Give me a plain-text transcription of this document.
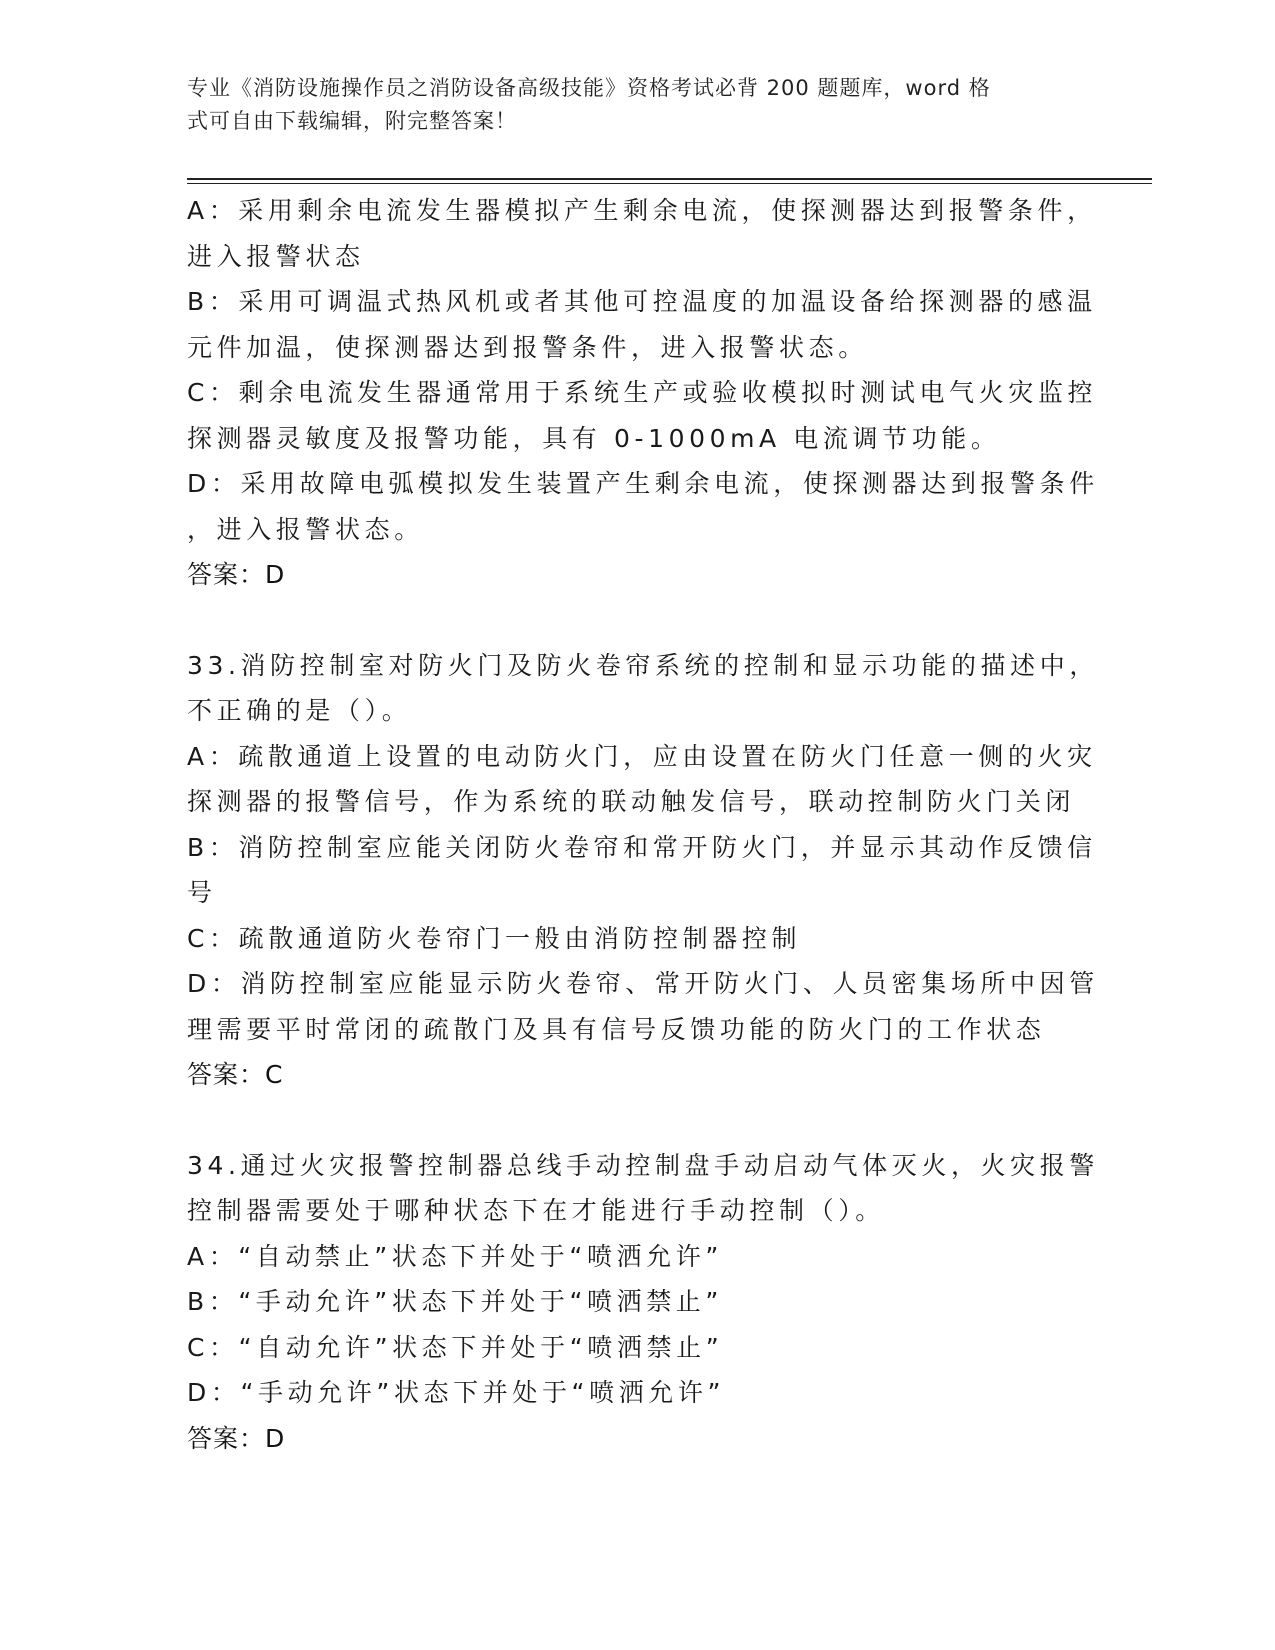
专业《消防设施操作员之消防设备高级技能》资格考试必背 200 题题库，word 格
式可自由下载编辑，附完整答案！
A：采用剩余电流发生器模拟产生剩余电流，使探测器达到报警条件，
进入报警状态
B：采用可调温式热风机或者其他可控温度的加温设备给探测器的感温
元件加温，使探测器达到报警条件，进入报警状态。
C：剩余电流发生器通常用于系统生产或验收模拟时测试电气火灾监控
探测器灵敏度及报警功能，具有 0-1000mA 电流调节功能。
D：采用故障电弧模拟发生装置产生剩余电流，使探测器达到报警条件
，进入报警状态。
答案：D
33.消防控制室对防火门及防火卷帘系统的控制和显示功能的描述中，
不正确的是（）。
A：疏散通道上设置的电动防火门，应由设置在防火门任意一侧的火灾
探测器的报警信号，作为系统的联动触发信号，联动控制防火门关闭
B：消防控制室应能关闭防火卷帘和常开防火门，并显示其动作反馈信
号
C：疏散通道防火卷帘门一般由消防控制器控制
D：消防控制室应能显示防火卷帘、常开防火门、人员密集场所中因管
理需要平时常闭的疏散门及具有信号反馈功能的防火门的工作状态
答案：C
34.通过火灾报警控制器总线手动控制盘手动启动气体灭火，火灾报警
控制器需要处于哪种状态下在才能进行手动控制（）。
A：“自动禁止”状态下并处于“喷洒允许”
B：“手动允许”状态下并处于“喷洒禁止”
C：“自动允许”状态下并处于“喷洒禁止”
D：“手动允许”状态下并处于“喷洒允许”
答案：D
